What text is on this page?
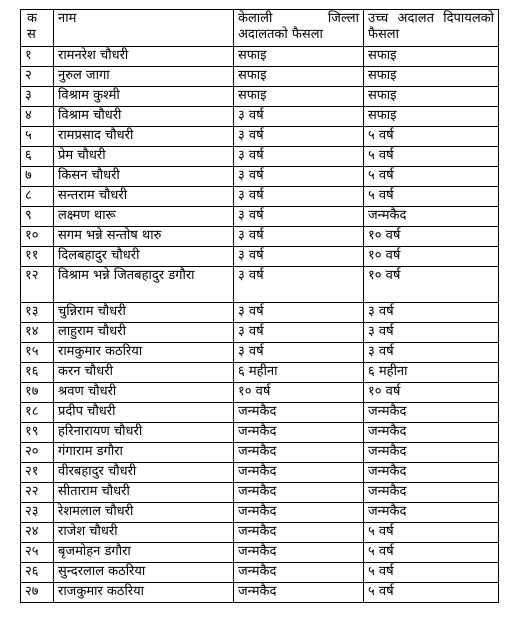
क स	नाम	केलाली जिल्ला अदालतको फैसला	उच्च अदालत दिपायलको फैसला

१	रामनरेश चौधरी	सफाइ	सफाइ
२	नुरुल जागा	सफाइ	सफाइ
३	विश्राम कुश्मी	सफाइ	सफाइ
४	विश्राम चौधरी	३ वर्ष	सफाइ
५	रामप्रसाद चौधरी	३ वर्ष	५ वर्ष
६	प्रेम चौधरी	३ वर्ष	५ वर्ष
७	किसन चौधरी	३ वर्ष	५ वर्ष
८	सन्तराम चौधरी	३ वर्ष	५ वर्ष
९	लक्ष्मण थारू	३ वर्ष	जन्मकैद
१०	सगम भन्ने सन्तोष थारु	३ वर्ष	१० वर्ष
११	दिलबहादुर चौधरी	३ वर्ष	१० वर्ष
१२	विश्राम भन्ने जितबहादुर डगौरा	३ वर्ष	१० वर्ष
१३	चुन्निराम चौधरी	३ वर्ष	३ वर्ष
१४	लाहुराम चौधरी	३ वर्ष	३ वर्ष
१५	रामकुमार कठरिया	३ वर्ष	३ वर्ष
१६	करन चौधरी	६ महीना	६ महीना
१७	श्रवण चौधरी	१० वर्ष	१० वर्ष
१८	प्रदीप चौधरी	जन्मकैद	जन्मकैद
१९	हरिनारायण चौधरी	जन्मकैद	जन्मकैद
२०	गंगाराम डगौरा	जन्मकैद	जन्मकैद
२१	वीरबहादुर चौधरी	जन्मकैद	जन्मकैद
२२	सीताराम चौधरी	जन्मकैद	जन्मकैद
२३	रेशमलाल चौधरी	जन्मकैद	जन्मकैद
२४	राजेश चौधरी	जन्मकैद	५ वर्ष
२५	बृजमोहन डगौरा	जन्मकैद	५ वर्ष
२६	सुन्दरलाल कठरिया	जन्मकैद	५ वर्ष
२७	राजकुमार कठरिया	जन्मकैद	५ वर्ष
